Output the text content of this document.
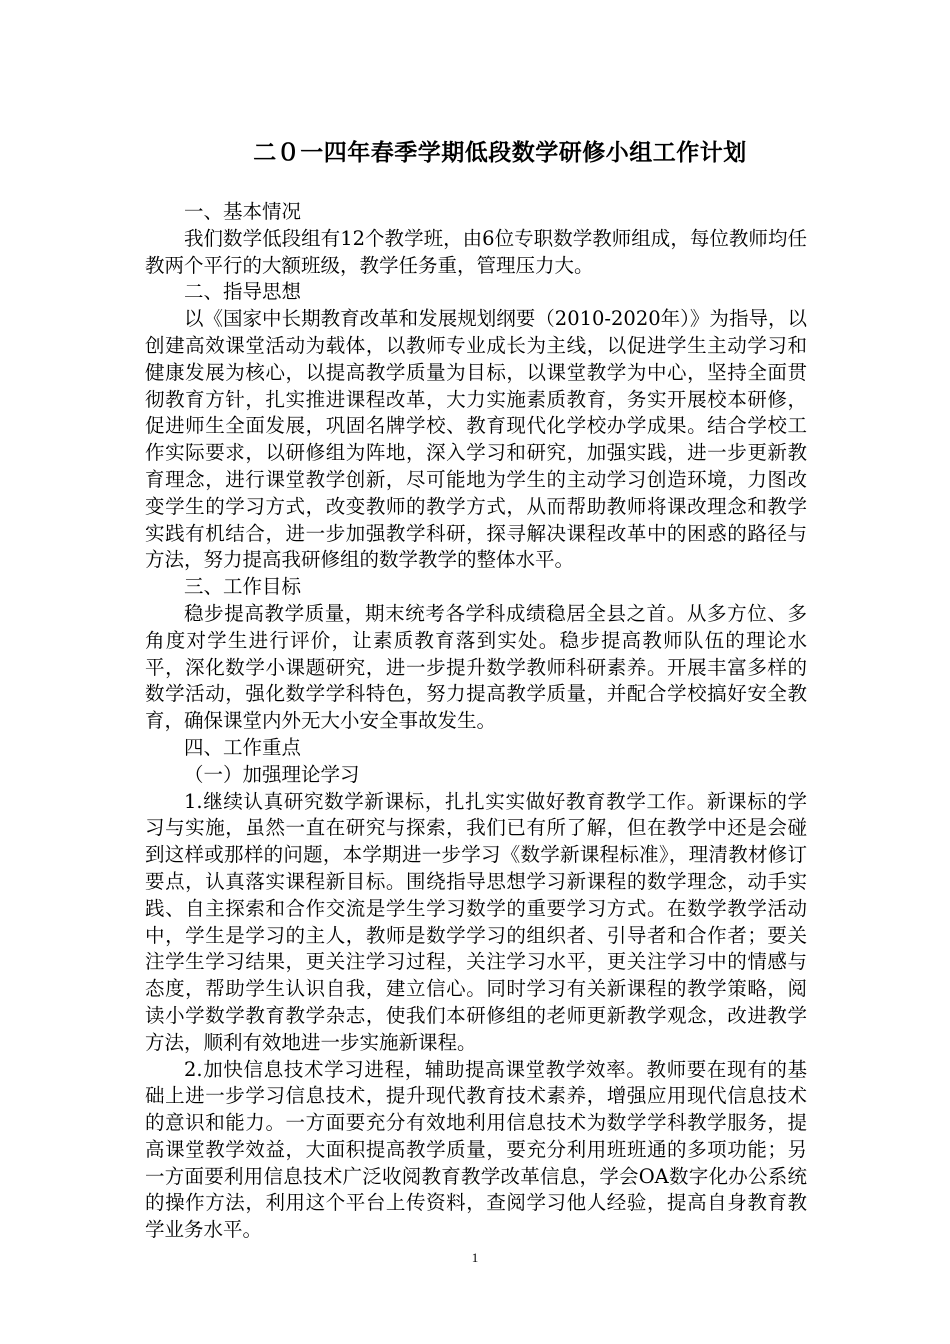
二０一四年春季学期低段数学研修小组工作计划

一、基本情况

我们数学低段组有12个教学班，由6位专职数学教师组成，每位教师均任教两个平行的大额班级，教学任务重，管理压力大。

二、指导思想

以《国家中长期教育改革和发展规划纲要（2010-2020年）》为指导，以创建高效课堂活动为载体，以教师专业成长为主线，以促进学生主动学习和健康发展为核心，以提高教学质量为目标，以课堂教学为中心，坚持全面贯彻教育方针，扎实推进课程改革，大力实施素质教育，务实开展校本研修，促进师生全面发展，巩固名牌学校、教育现代化学校办学成果。结合学校工作实际要求，以研修组为阵地，深入学习和研究，加强实践，进一步更新教育理念，进行课堂教学创新，尽可能地为学生的主动学习创造环境，力图改变学生的学习方式，改变教师的教学方式，从而帮助教师将课改理念和教学实践有机结合，进一步加强教学科研，探寻解决课程改革中的困惑的路径与方法，努力提高我研修组的数学教学的整体水平。

三、工作目标

稳步提高教学质量，期末统考各学科成绩稳居全县之首。从多方位、多角度对学生进行评价，让素质教育落到实处。稳步提高教师队伍的理论水平，深化数学小课题研究，进一步提升数学教师科研素养。开展丰富多样的数学活动，强化数学学科特色，努力提高教学质量，并配合学校搞好安全教育，确保课堂内外无大小安全事故发生。

四、工作重点

（一）加强理论学习

1.继续认真研究数学新课标，扎扎实实做好教育教学工作。新课标的学习与实施，虽然一直在研究与探索，我们已有所了解，但在教学中还是会碰到这样或那样的问题，本学期进一步学习《数学新课程标准》，理清教材修订要点，认真落实课程新目标。围绕指导思想学习新课程的数学理念，动手实践、自主探索和合作交流是学生学习数学的重要学习方式。在数学教学活动中，学生是学习的主人，教师是数学学习的组织者、引导者和合作者；要关注学生学习结果，更关注学习过程，关注学习水平，更关注学习中的情感与态度，帮助学生认识自我，建立信心。同时学习有关新课程的教学策略，阅读小学数学教育教学杂志，使我们本研修组的老师更新教学观念，改进教学方法，顺利有效地进一步实施新课程。

2.加快信息技术学习进程，辅助提高课堂教学效率。教师要在现有的基础上进一步学习信息技术，提升现代教育技术素养，增强应用现代信息技术的意识和能力。一方面要充分有效地利用信息技术为数学学科教学服务，提高课堂教学效益，大面积提高教学质量，要充分利用班班通的多项功能；另一方面要利用信息技术广泛收阅教育教学改革信息，学会OA数字化办公系统的操作方法，利用这个平台上传资料，查阅学习他人经验，提高自身教育教学业务水平。

1
